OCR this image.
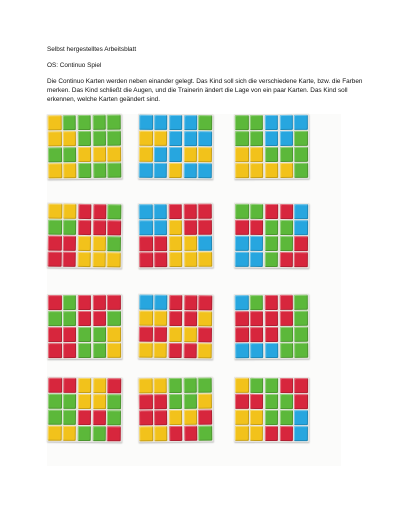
Selbst hergestelltes Arbeitsblatt
OS: Continuo Spiel
Die Continuo Karten werden neben einander gelegt. Das Kind soll sich die verschiedene Karte, bzw. die Farben merken. Das Kind schließt die Augen, und die Trainerin ändert die Lage von ein paar Karten. Das Kind soll erkennen, welche Karten geändert sind.
